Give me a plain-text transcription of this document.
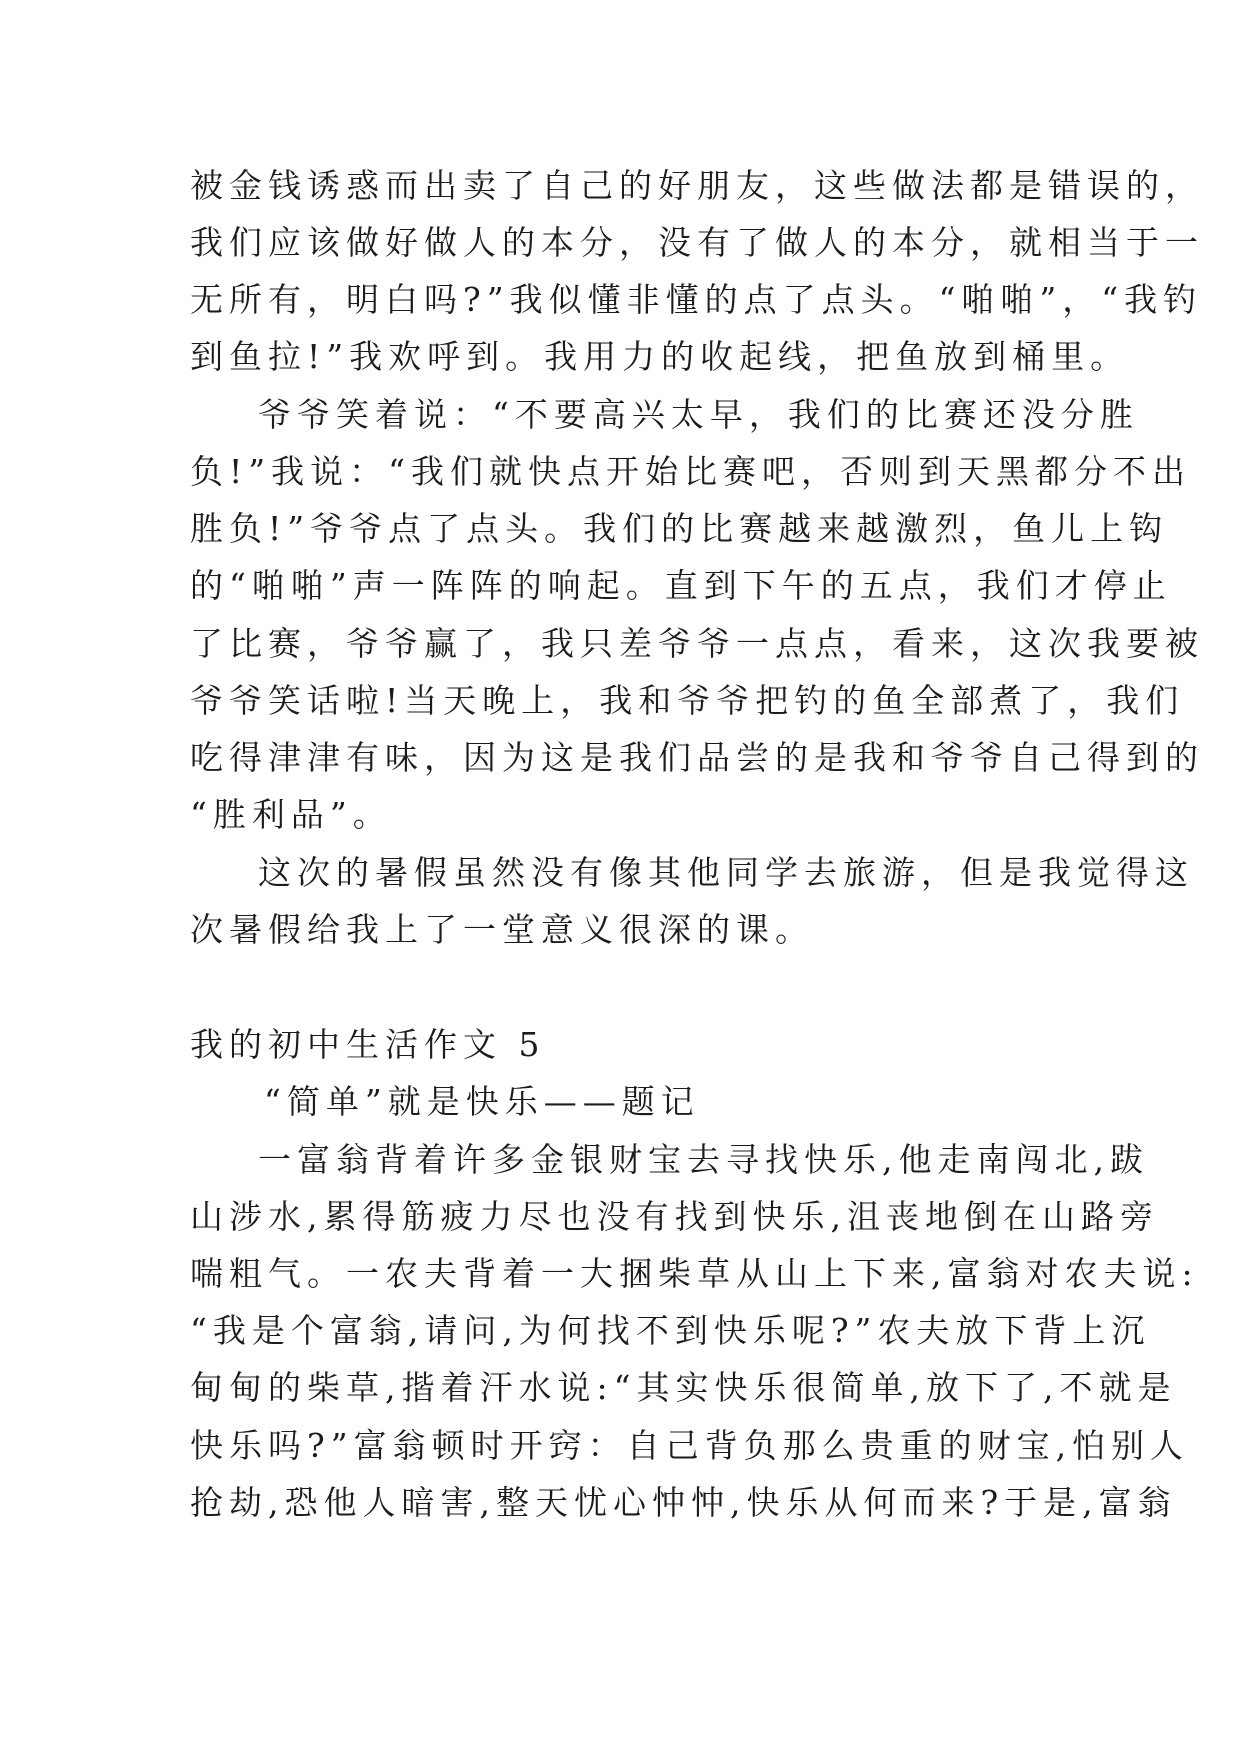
被金钱诱惑而出卖了自己的好朋友，这些做法都是错误的，
我们应该做好做人的本分，没有了做人的本分，就相当于一
无所有，明白吗?”我似懂非懂的点了点头。“啪啪”，“我钓
到鱼拉!”我欢呼到。我用力的收起线，把鱼放到桶里。
爷爷笑着说：“不要高兴太早，我们的比赛还没分胜
负!”我说：“我们就快点开始比赛吧，否则到天黑都分不出
胜负!”爷爷点了点头。我们的比赛越来越激烈，鱼儿上钩
的“啪啪”声一阵阵的响起。直到下午的五点，我们才停止
了比赛，爷爷赢了，我只差爷爷一点点，看来，这次我要被
爷爷笑话啦!当天晚上，我和爷爷把钓的鱼全部煮了，我们
吃得津津有味，因为这是我们品尝的是我和爷爷自己得到的
“胜利品”。
这次的暑假虽然没有像其他同学去旅游，但是我觉得这
次暑假给我上了一堂意义很深的课。
我的初中生活作文 5
“简单”就是快乐——题记
一富翁背着许多金银财宝去寻找快乐,他走南闯北,跋
山涉水,累得筋疲力尽也没有找到快乐,沮丧地倒在山路旁
喘粗气。一农夫背着一大捆柴草从山上下来,富翁对农夫说:
“我是个富翁,请问,为何找不到快乐呢?”农夫放下背上沉
甸甸的柴草,揩着汗水说:“其实快乐很简单,放下了,不就是
快乐吗?”富翁顿时开窍：自己背负那么贵重的财宝,怕别人
抢劫,恐他人暗害,整天忧心忡忡,快乐从何而来?于是,富翁
